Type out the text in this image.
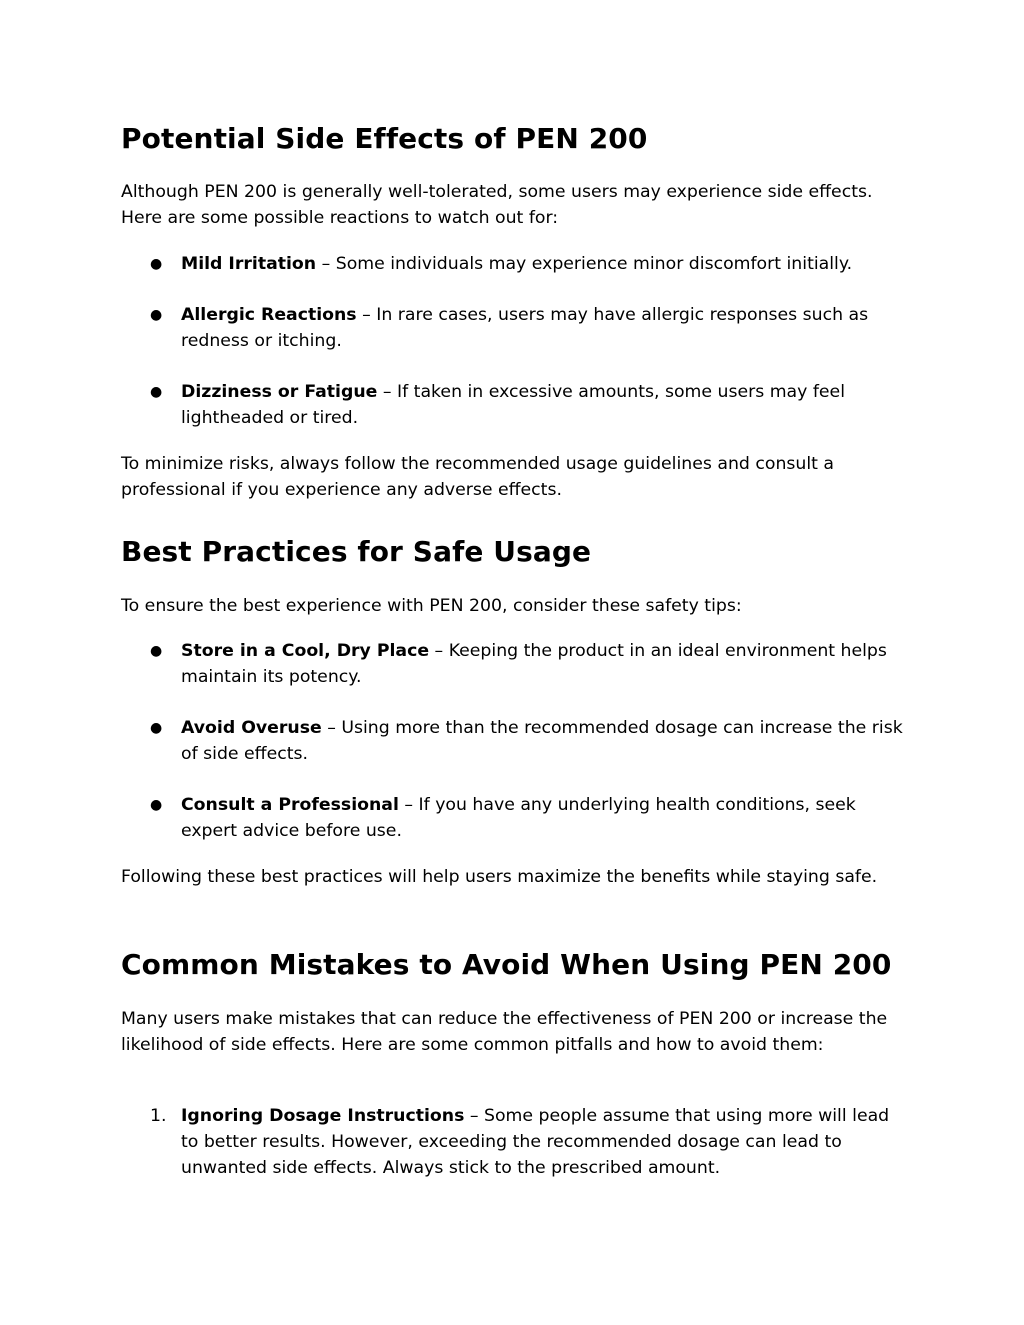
Potential Side Effects of PEN 200

Although PEN 200 is generally well-tolerated, some users may experience side effects. Here are some possible reactions to watch out for:

● Mild Irritation – Some individuals may experience minor discomfort initially.
● Allergic Reactions – In rare cases, users may have allergic responses such as redness or itching.
● Dizziness or Fatigue – If taken in excessive amounts, some users may feel lightheaded or tired.

To minimize risks, always follow the recommended usage guidelines and consult a professional if you experience any adverse effects.

Best Practices for Safe Usage

To ensure the best experience with PEN 200, consider these safety tips:

● Store in a Cool, Dry Place – Keeping the product in an ideal environment helps maintain its potency.
● Avoid Overuse – Using more than the recommended dosage can increase the risk of side effects.
● Consult a Professional – If you have any underlying health conditions, seek expert advice before use.

Following these best practices will help users maximize the benefits while staying safe.

Common Mistakes to Avoid When Using PEN 200

Many users make mistakes that can reduce the effectiveness of PEN 200 or increase the likelihood of side effects. Here are some common pitfalls and how to avoid them:

1. Ignoring Dosage Instructions – Some people assume that using more will lead to better results. However, exceeding the recommended dosage can lead to unwanted side effects. Always stick to the prescribed amount.
